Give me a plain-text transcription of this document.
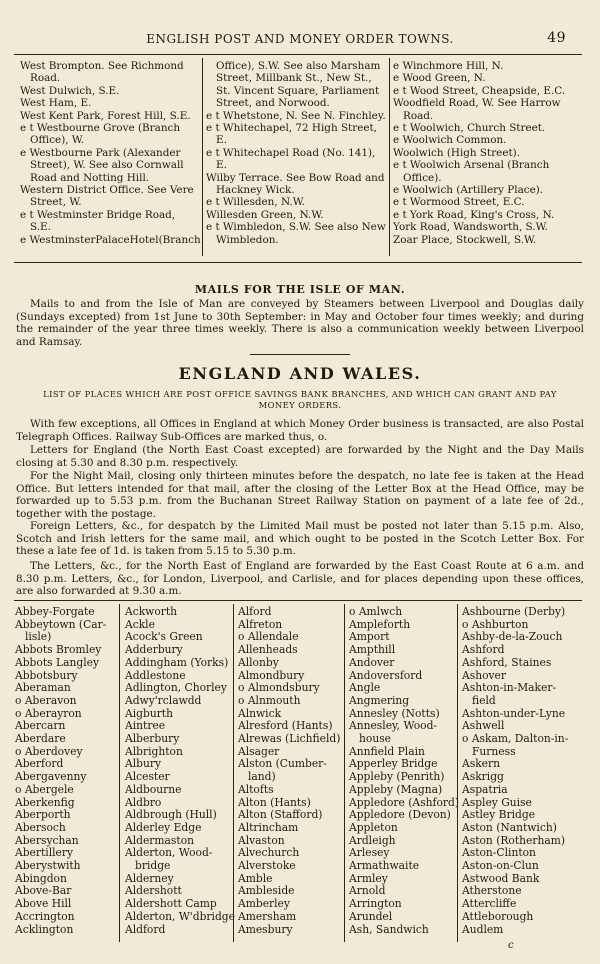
ENGLISH POST AND MONEY ORDER TOWNS.	49
West Brompton. See Richmond
Road.
West Dulwich, S.E.
West Ham, E.
West Kent Park, Forest Hill, S.E.
e t Westbourne Grove (Branch
Office), W.
e Westbourne Park (Alexander
Street), W. See also Cornwall
Road and Notting Hill.
Western District Office. See Vere
Street, W.
e t Westminster Bridge Road,
S.E.
e WestminsterPalaceHotel(Branch
Office), S.W. See also Marsham
Street, Millbank St., New St.,
St. Vincent Square, Parliament
Street, and Norwood.
e t Whetstone, N. See N. Finchley.
e t Whitechapel, 72 High Street,
E.
e t Whitechapel Road (No. 141),
E.
Wilby Terrace. See Bow Road and
Hackney Wick.
e t Willesden, N.W.
Willesden Green, N.W.
e t Wimbledon, S.W. See also New
Wimbledon.
e Winchmore Hill, N.
e Wood Green, N.
e t Wood Street, Cheapside, E.C.
Woodfield Road, W. See Harrow
Road.
e t Woolwich, Church Street.
e Woolwich Common.
Woolwich (High Street).
e t Woolwich Arsenal (Branch
Office).
e Woolwich (Artillery Place).
e t Wormood Street, E.C.
e t York Road, King's Cross, N.
York Road, Wandsworth, S.W.
Zoar Place, Stockwell, S.W.
MAILS FOR THE ISLE OF MAN.
Mails to and from the Isle of Man are conveyed by Steamers between Liverpool and Douglas daily (Sundays excepted) from 1st June to 30th September: in May and October four times weekly; and during the remainder of the year three times weekly. There is also a communication weekly between Liverpool and Ramsay.
ENGLAND AND WALES.
LIST OF PLACES WHICH ARE POST OFFICE SAVINGS BANK BRANCHES, AND WHICH CAN GRANT AND PAY MONEY ORDERS.
With few exceptions, all Offices in England at which Money Order business is transacted, are also Postal Telegraph Offices. Railway Sub-Offices are marked thus, o.
Letters for England (the North East Coast excepted) are forwarded by the Night and the Day Mails closing at 5.30 and 8.30 p.m. respectively.
For the Night Mail, closing only thirteen minutes before the despatch, no late fee is taken at the Head Office. But letters intended for that mail, after the closing of the Letter Box at the Head Office, may be forwarded up to 5.53 p.m. from the Buchanan Street Railway Station on payment of a late fee of 2d., together with the postage.
Foreign Letters, &c., for despatch by the Limited Mail must be posted not later than 5.15 p.m. Also, Scotch and Irish letters for the same mail, and which ought to be posted in the Scotch Letter Box. For these a late fee of 1d. is taken from 5.15 to 5.30 p.m.
The Letters, &c., for the North East of England are forwarded by the East Coast Route at 6 a.m. and 8.30 p.m. Letters, &c., for London, Liverpool, and Carlisle, and for places depending upon these offices, are also forwarded at 9.30 a.m.
Abbey-Forgate
Abbeytown (Car-
lisle)
Abbots Bromley
Abbots Langley
Abbotsbury
Aberaman
o Aberavon
o Aberayron
Abercarn
Aberdare
o Aberdovey
Aberford
Abergavenny
o Abergele
Aberkenfig
Aberporth
Abersoch
Abersychan
Abertillery
Aberystwith
Abingdon
Above-Bar
Above Hill
Accrington
Acklington
Ackworth
Ackle
Acock's Green
Adderbury
Addingham (Yorks)
Addlestone
Adlington, Chorley
Adwy'rclawdd
Aigburth
Aintree
Alberbury
Albrighton
Albury
Alcester
Aldbourne
Aldbro
Aldbrough (Hull)
Alderley Edge
Aldermaston
Alderton, Wood-
bridge
Alderney
Aldershott
Aldershott Camp
Alderton, W'dbridge
Aldford
Alford
Alfreton
o Allendale
Allenheads
Allonby
Almondbury
o Almondsbury
o Alnmouth
Alnwick
Alresford (Hants)
Alrewas (Lichfield)
Alsager
Alston (Cumber-
land)
Altofts
Alton (Hants)
Alton (Stafford)
Altrincham
Alvaston
Alvechurch
Alverstoke
Amble
Ambleside
Amberley
Amersham
Amesbury
o Amlwch
Ampleforth
Amport
Ampthill
Andover
Andoversford
Angle
Angmering
Annesley (Notts)
Annesley, Wood-
house
Annfield Plain
Apperley Bridge
Appleby (Penrith)
Appleby (Magna)
Appledore (Ashford)
Appledore (Devon)
Appleton
Ardleigh
Arlesey
Armathwaite
Armley
Arnold
Arrington
Arundel
Ash, Sandwich
Ashbourne (Derby)
o Ashburton
Ashby-de-la-Zouch
Ashford
Ashford, Staines
Ashover
Ashton-in-Maker-
field
Ashton-under-Lyne
Ashwell
o Askam, Dalton-in-
Furness
Askern
Askrigg
Aspatria
Aspley Guise
Astley Bridge
Aston (Nantwich)
Aston (Rotherham)
Aston-Clinton
Aston-on-Clun
Astwood Bank
Atherstone
Attercliffe
Attleborough
Audlem
c
